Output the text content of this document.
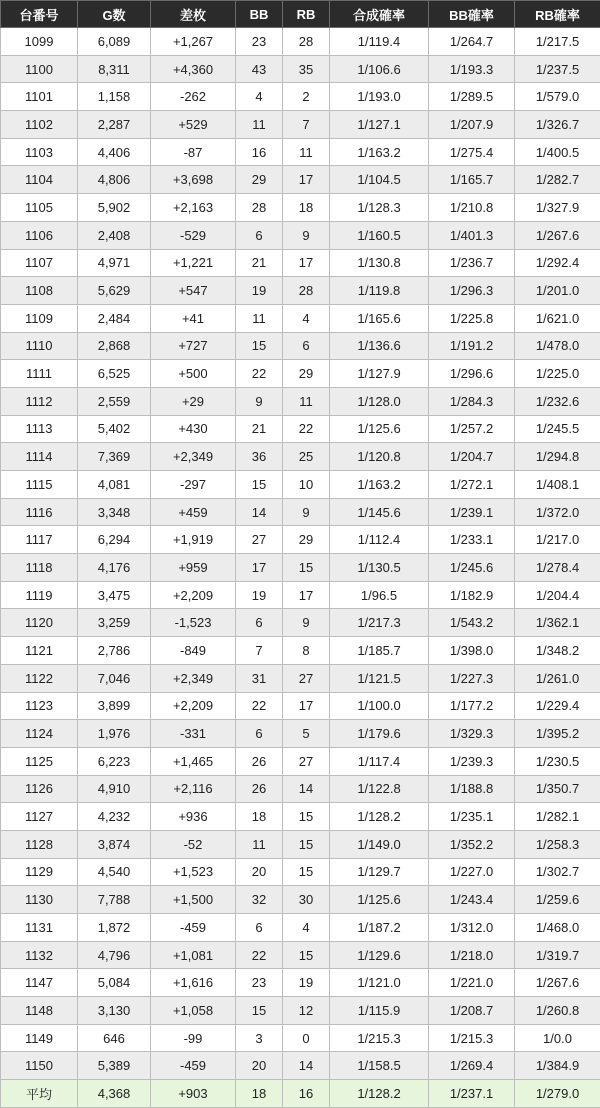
台番号	G数	差枚	BB	RB	合成確率	BB確率	RB確率
1099	6,089	+1,267	23	28	1/119.4	1/264.7	1/217.5
1100	8,311	+4,360	43	35	1/106.6	1/193.3	1/237.5
1101	1,158	-262	4	2	1/193.0	1/289.5	1/579.0
1102	2,287	+529	11	7	1/127.1	1/207.9	1/326.7
1103	4,406	-87	16	11	1/163.2	1/275.4	1/400.5
1104	4,806	+3,698	29	17	1/104.5	1/165.7	1/282.7
1105	5,902	+2,163	28	18	1/128.3	1/210.8	1/327.9
1106	2,408	-529	6	9	1/160.5	1/401.3	1/267.6
1107	4,971	+1,221	21	17	1/130.8	1/236.7	1/292.4
1108	5,629	+547	19	28	1/119.8	1/296.3	1/201.0
1109	2,484	+41	11	4	1/165.6	1/225.8	1/621.0
1110	2,868	+727	15	6	1/136.6	1/191.2	1/478.0
1111	6,525	+500	22	29	1/127.9	1/296.6	1/225.0
1112	2,559	+29	9	11	1/128.0	1/284.3	1/232.6
1113	5,402	+430	21	22	1/125.6	1/257.2	1/245.5
1114	7,369	+2,349	36	25	1/120.8	1/204.7	1/294.8
1115	4,081	-297	15	10	1/163.2	1/272.1	1/408.1
1116	3,348	+459	14	9	1/145.6	1/239.1	1/372.0
1117	6,294	+1,919	27	29	1/112.4	1/233.1	1/217.0
1118	4,176	+959	17	15	1/130.5	1/245.6	1/278.4
1119	3,475	+2,209	19	17	1/96.5	1/182.9	1/204.4
1120	3,259	-1,523	6	9	1/217.3	1/543.2	1/362.1
1121	2,786	-849	7	8	1/185.7	1/398.0	1/348.2
1122	7,046	+2,349	31	27	1/121.5	1/227.3	1/261.0
1123	3,899	+2,209	22	17	1/100.0	1/177.2	1/229.4
1124	1,976	-331	6	5	1/179.6	1/329.3	1/395.2
1125	6,223	+1,465	26	27	1/117.4	1/239.3	1/230.5
1126	4,910	+2,116	26	14	1/122.8	1/188.8	1/350.7
1127	4,232	+936	18	15	1/128.2	1/235.1	1/282.1
1128	3,874	-52	11	15	1/149.0	1/352.2	1/258.3
1129	4,540	+1,523	20	15	1/129.7	1/227.0	1/302.7
1130	7,788	+1,500	32	30	1/125.6	1/243.4	1/259.6
1131	1,872	-459	6	4	1/187.2	1/312.0	1/468.0
1132	4,796	+1,081	22	15	1/129.6	1/218.0	1/319.7
1147	5,084	+1,616	23	19	1/121.0	1/221.0	1/267.6
1148	3,130	+1,058	15	12	1/115.9	1/208.7	1/260.8
1149	646	-99	3	0	1/215.3	1/215.3	1/0.0
1150	5,389	-459	20	14	1/158.5	1/269.4	1/384.9
平均	4,368	+903	18	16	1/128.2	1/237.1	1/279.0
